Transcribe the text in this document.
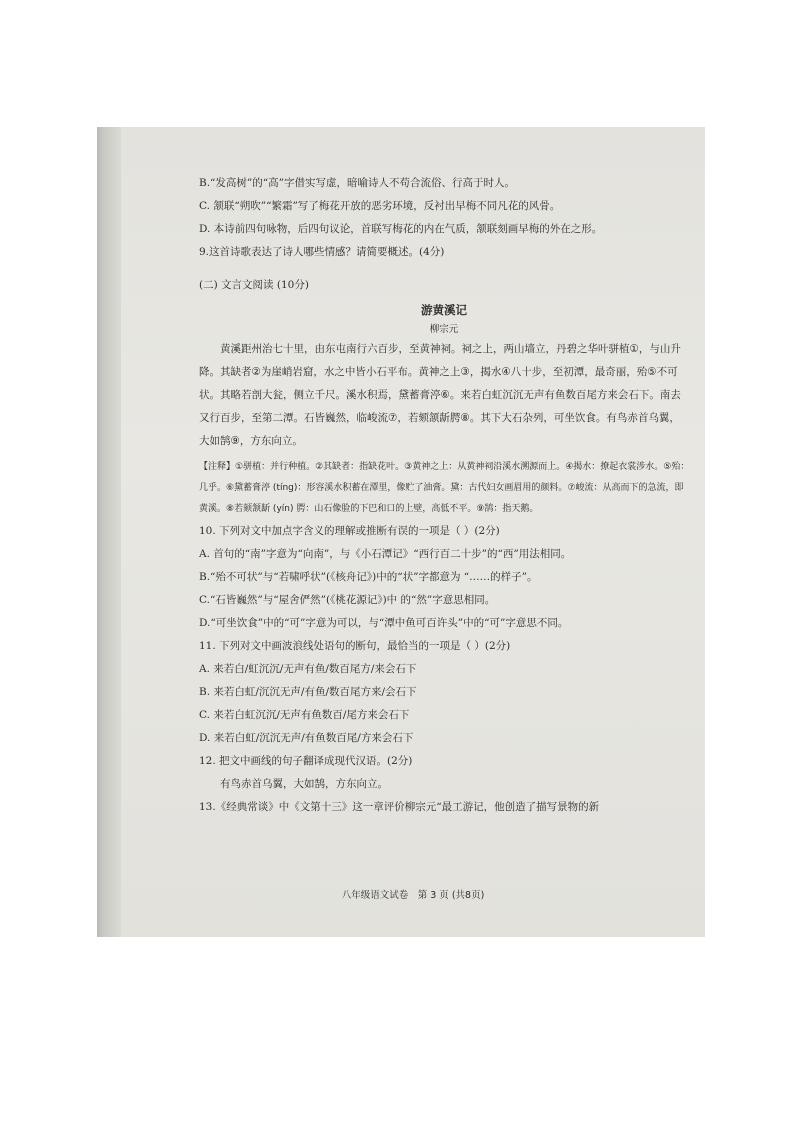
B.“发高树”的“高”字借实写虚，暗喻诗人不苟合流俗、行高于时人。
C. 颔联“朔吹”“繁霜”写了梅花开放的恶劣环境，反衬出早梅不同凡花的风骨。
D. 本诗前四句咏物，后四句议论，首联写梅花的内在气质，颔联刻画早梅的外在之形。
9.这首诗歌表达了诗人哪些情感？请简要概述。(4分)
(二) 文言文阅读 (10分)
游黄溪记
柳宗元
黄溪距州治七十里，由东屯南行六百步，至黄神祠。祠之上，两山墙立，丹碧之华叶骈植①，与山升降。其缺者②为崖峭岩窟，水之中皆小石平布。黄神之上③，揭水④八十步，至初潭，最奇丽，殆⑤不可状。其略若剖大瓮，侧立千尺。溪水积焉，黛蓄膏渟⑥。来若白虹沉沉无声有鱼数百尾方来会石下。南去又行百步，至第二潭。石皆巍然，临峻流⑦，若颏颔龂腭⑧。其下大石杂列，可坐饮食。有鸟赤首乌翼，大如鹄⑨，方东向立。
【注释】①骈植：并行种植。②其缺者：指缺花叶。③黄神之上：从黄神祠沿溪水溯源而上。④揭水：撩起衣裳涉水。⑤殆：几乎。⑥黛蓄膏渟 (tíng)：形容溪水积蓄在潭里，像贮了油膏。黛：古代妇女画眉用的颜料。⑦峻流：从高而下的急流，即黄溪。⑧若颏颔龂 (yín) 腭：山石像脸的下巴和口的上壁，高低不平。⑨鹄：指天鹅。
10. 下列对文中加点字含义的理解或推断有误的一项是（ ）(2分)
A. 首句的“南”字意为“向南”，与《小石潭记》“西行百二十步”的“西”用法相同。
B.“殆不可状”与“若啸呼状”(《核舟记》)中的“状”字都意为 “……的样子”。
C.“石皆巍然”与“屋舍俨然”(《桃花源记》)中 的“然”字意思相同。
D.“可坐饮食”中的“可”字意为可以，与“潭中鱼可百许头”中的“可”字意思不同。
11. 下列对文中画波浪线处语句的断句，最恰当的一项是（ ）(2分)
A. 来若白/虹沉沉/无声有鱼/数百尾方/来会石下
B. 来若白虹/沉沉无声/有鱼/数百尾方来/会石下
C. 来若白虹沉沉/无声有鱼数百/尾方来会石下
D. 来若白虹/沉沉无声/有鱼数百尾/方来会石下
12. 把文中画线的句子翻译成现代汉语。(2分)
有鸟赤首乌翼，大如鹄，方东向立。
13.《经典常谈》中《文第十三》这一章评价柳宗元“最工游记，他创造了描写景物的新
八年级语文试卷　第 3 页 (共8页)
